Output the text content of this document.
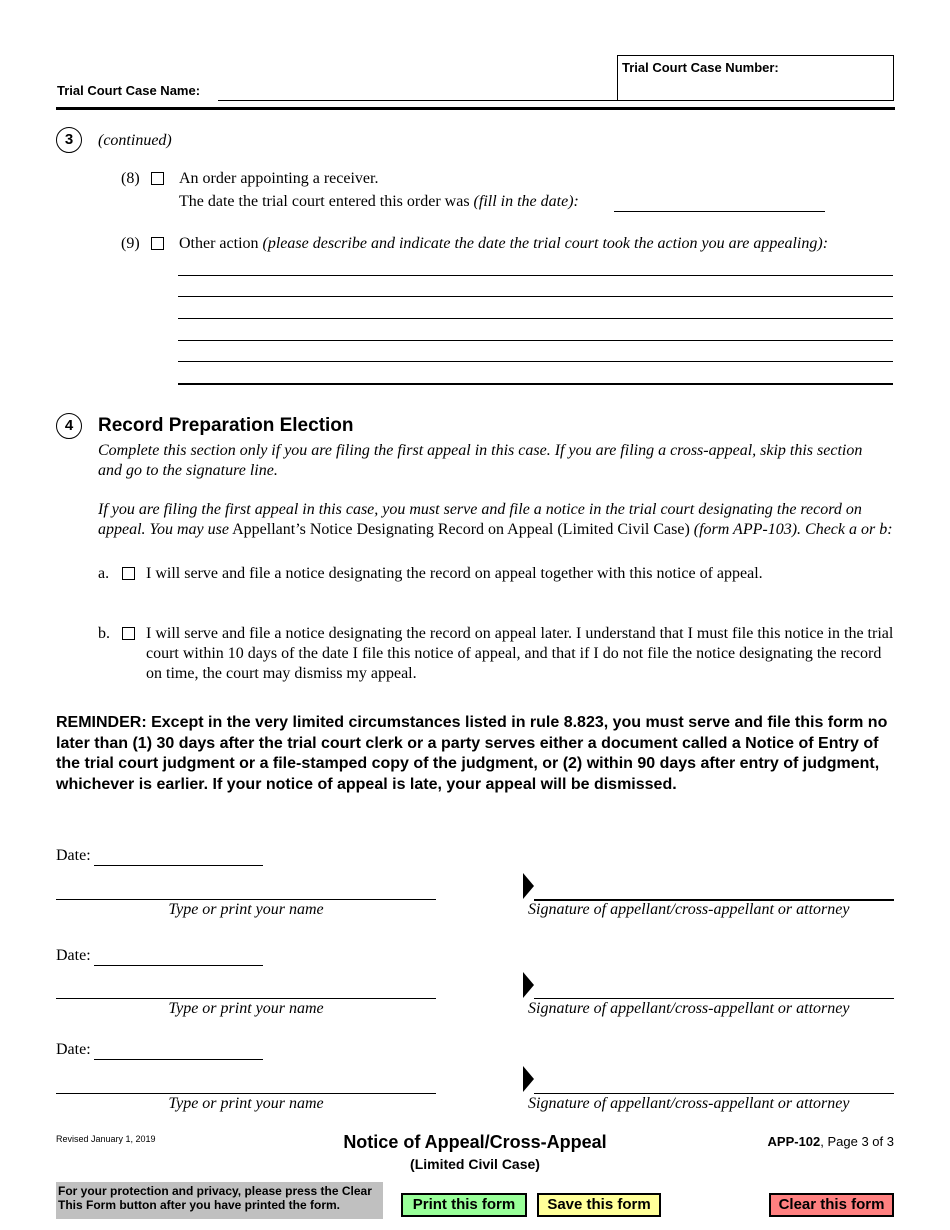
Trial Court Case Name:
Trial Court Case Number:
3	(continued)
(8) An order appointing a receiver.
The date the trial court entered this order was (fill in the date):
(9) Other action (please describe and indicate the date the trial court took the action you are appealing):
4	Record Preparation Election
Complete this section only if you are filing the first appeal in this case. If you are filing a cross-appeal, skip this section and go to the signature line.
If you are filing the first appeal in this case, you must serve and file a notice in the trial court designating the record on appeal. You may use Appellant’s Notice Designating Record on Appeal (Limited Civil Case) (form APP-103). Check a or b:
a. I will serve and file a notice designating the record on appeal together with this notice of appeal.
b. I will serve and file a notice designating the record on appeal later. I understand that I must file this notice in the trial court within 10 days of the date I file this notice of appeal, and that if I do not file the notice designating the record on time, the court may dismiss my appeal.
REMINDER: Except in the very limited circumstances listed in rule 8.823, you must serve and file this form no later than (1) 30 days after the trial court clerk or a party serves either a document called a Notice of Entry of the trial court judgment or a file-stamped copy of the judgment, or (2) within 90 days after entry of judgment, whichever is earlier. If your notice of appeal is late, your appeal will be dismissed.
Date:
Type or print your name	Signature of appellant/cross-appellant or attorney
Date:
Type or print your name	Signature of appellant/cross-appellant or attorney
Date:
Type or print your name	Signature of appellant/cross-appellant or attorney
Revised January 1, 2019	Notice of Appeal/Cross-Appeal
(Limited Civil Case)
APP-102, Page 3 of 3
For your protection and privacy, please press the Clear This Form button after you have printed the form.	Print this form	Save this form	Clear this form
